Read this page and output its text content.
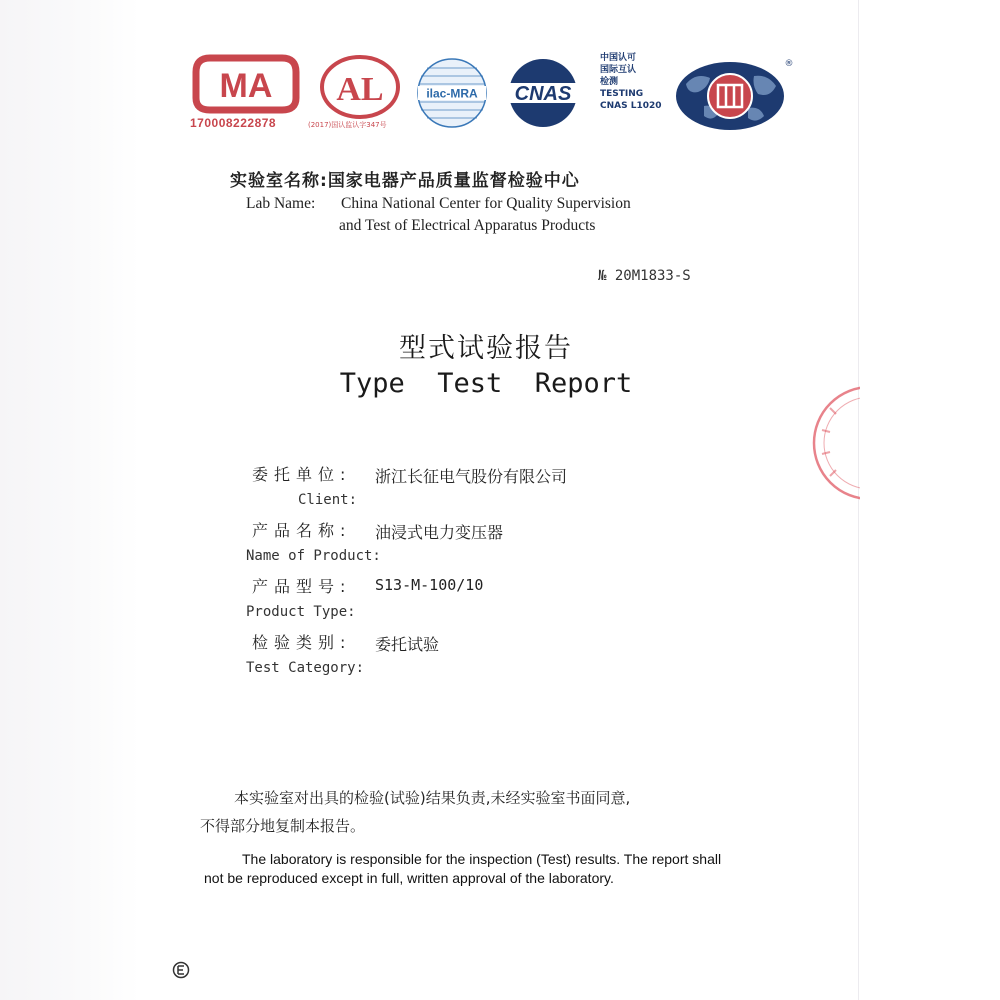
MA
170008222878
AL
(2017)国认监认字347号
ilac-MRA CNAS
中国认可
国际互认
检测
TESTING
CNAS L1020
®
实验室名称:国家电器产品质量监督检验中心
Lab Name: China National Center for Quality Supervision
and Test of Electrical Apparatus Products
№ 20M1833-S
型式试验报告
Type  Test  Report
委托单位: 浙江长征电气股份有限公司
Client:
产品名称: 油浸式电力变压器
Name of Product:
产品型号: S13-M-100/10
Product Type:
检验类别: 委托试验
Test Category:
本实验室对出具的检验(试验)结果负责,未经实验室书面同意,
不得部分地复制本报告。
The laboratory is responsible for the inspection (Test) results. The report shall
not be reproduced except in full, written approval of the laboratory.
